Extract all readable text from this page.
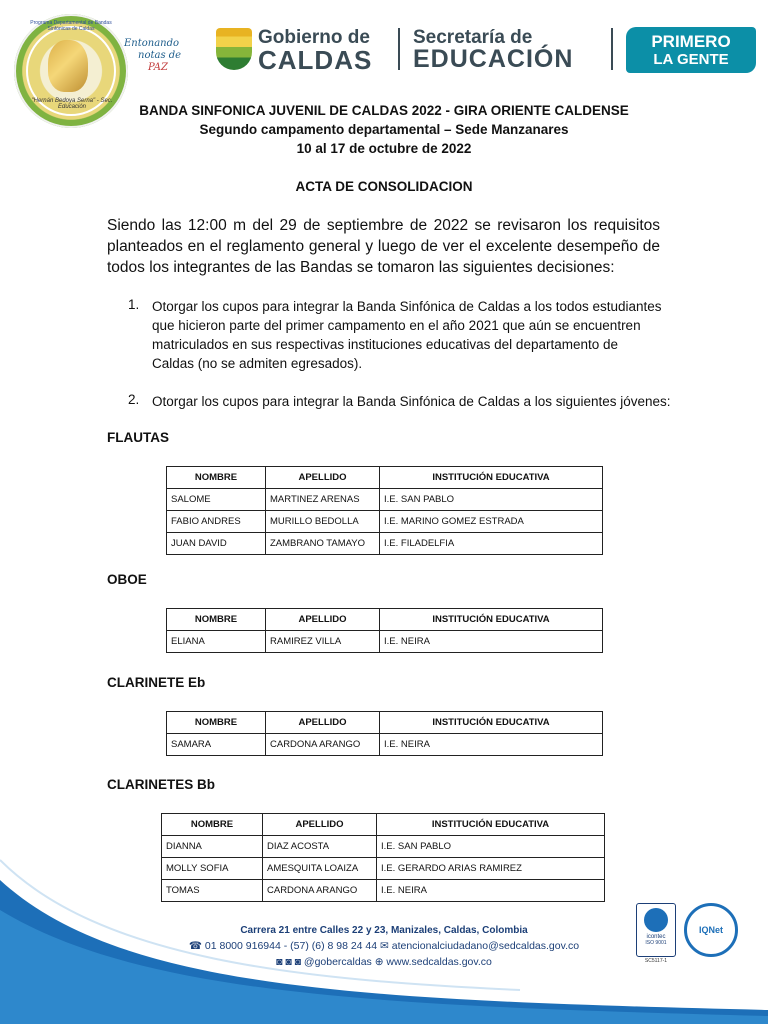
Programa Departamental de Bandas Sinfónicas de Caldas
"Hernán Bedoya Serna" - Sec. Educación
Entonando
notas de
PAZ
Gobierno de
CALDAS
Secretaría de
EDUCACIÓN
PRIMERO
LA GENTE
BANDA SINFONICA JUVENIL DE CALDAS 2022 - GIRA ORIENTE CALDENSE
Segundo campamento departamental – Sede Manzanares
10 al 17 de octubre de 2022
ACTA DE CONSOLIDACION
Siendo las 12:00 m del 29 de septiembre de 2022 se revisaron los requisitos planteados en el reglamento general y luego de ver el excelente desempeño de todos los integrantes de las Bandas se tomaron las siguientes decisiones:
1. Otorgar los cupos para integrar la Banda Sinfónica de Caldas a los todos estudiantes que hicieron parte del primer campamento en el año 2021 que aún se encuentren matriculados en sus respectivas instituciones educativas del departamento de Caldas (no se admiten egresados).
2. Otorgar los cupos para integrar la Banda Sinfónica de Caldas a los siguientes jóvenes:
FLAUTAS
NOMBRE	APELLIDO	INSTITUCIÓN EDUCATIVA
SALOME	MARTINEZ ARENAS	I.E. SAN PABLO
FABIO ANDRES	MURILLO BEDOLLA	I.E. MARINO GOMEZ ESTRADA
JUAN DAVID	ZAMBRANO TAMAYO	I.E. FILADELFIA
OBOE
NOMBRE	APELLIDO	INSTITUCIÓN EDUCATIVA
ELIANA	RAMIREZ VILLA	I.E. NEIRA
CLARINETE Eb
NOMBRE	APELLIDO	INSTITUCIÓN EDUCATIVA
SAMARA	CARDONA ARANGO	I.E. NEIRA
CLARINETES Bb
NOMBRE	APELLIDO	INSTITUCIÓN EDUCATIVA
DIANNA	DIAZ ACOSTA	I.E. SAN PABLO
MOLLY SOFIA	AMESQUITA LOAIZA	I.E. GERARDO ARIAS RAMIREZ
TOMAS	CARDONA ARANGO	I.E. NEIRA
Carrera 21 entre Calles 22 y 23, Manizales, Caldas, Colombia
☎ 01 8000 916944 - (57) (6) 8 98 24 44 ✉ atencionalciudadano@sedcaldas.gov.co
◙ ◙ ◙ @gobercaldas ⊕ www.sedcaldas.gov.co
icontec
ISO 9001
SC5117-1
IQNet
